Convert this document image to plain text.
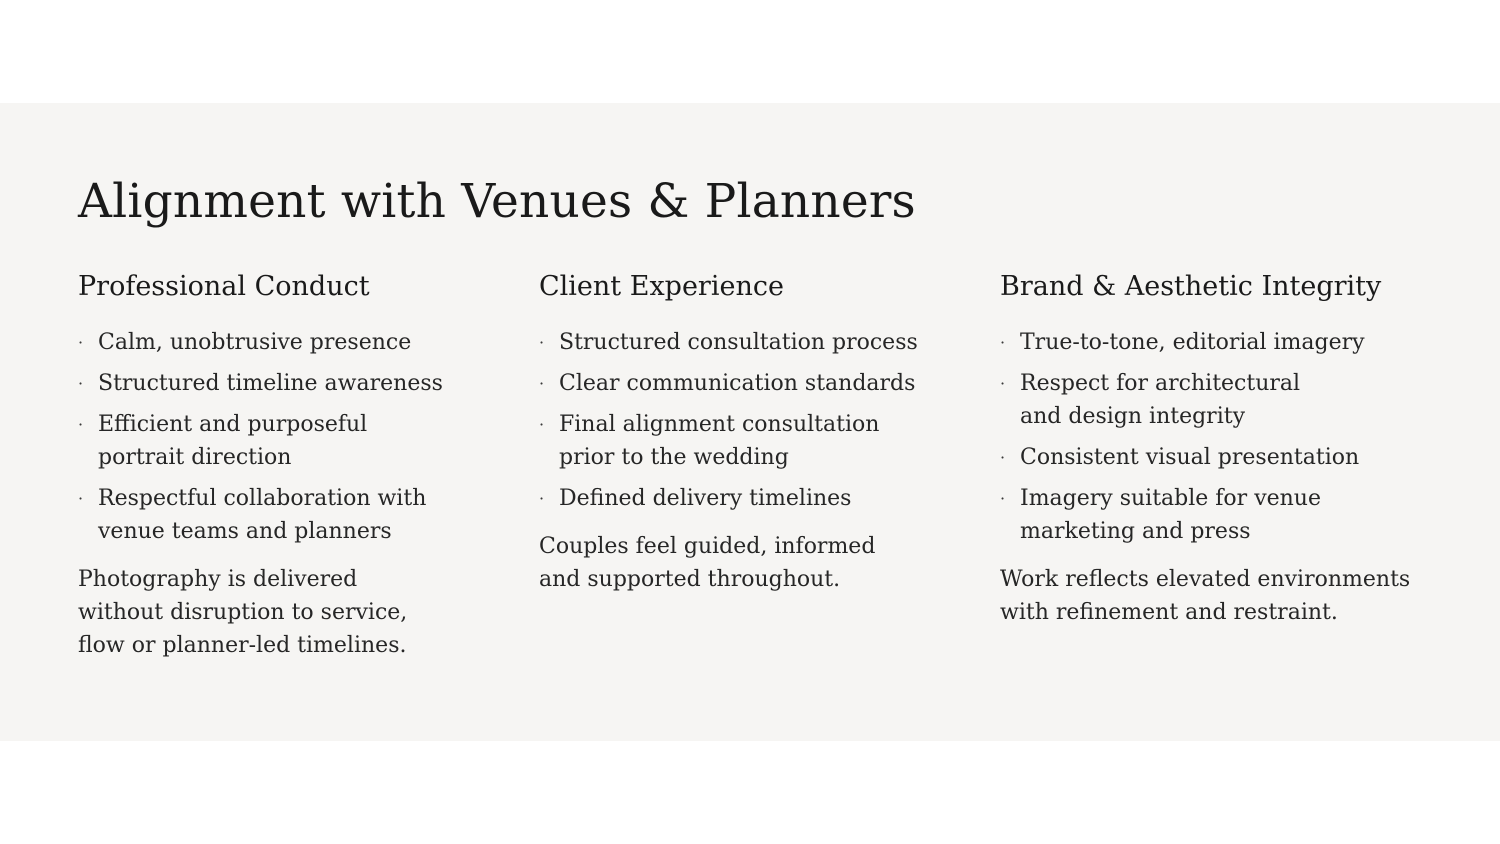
Alignment with Venues & Planners
Professional Conduct
· Calm, unobtrusive presence
· Structured timeline awareness
· Efficient and purposeful
portrait direction
· Respectful collaboration with
venue teams and planners

Photography is delivered
without disruption to service,
flow or planner-led timelines.

Client Experience
· Structured consultation process
· Clear communication standards
· Final alignment consultation
prior to the wedding
· Defined delivery timelines

Couples feel guided, informed
and supported throughout.

Brand & Aesthetic Integrity
· True-to-tone, editorial imagery
· Respect for architectural
and design integrity
· Consistent visual presentation
· Imagery suitable for venue
marketing and press

Work reflects elevated environments
with refinement and restraint.
